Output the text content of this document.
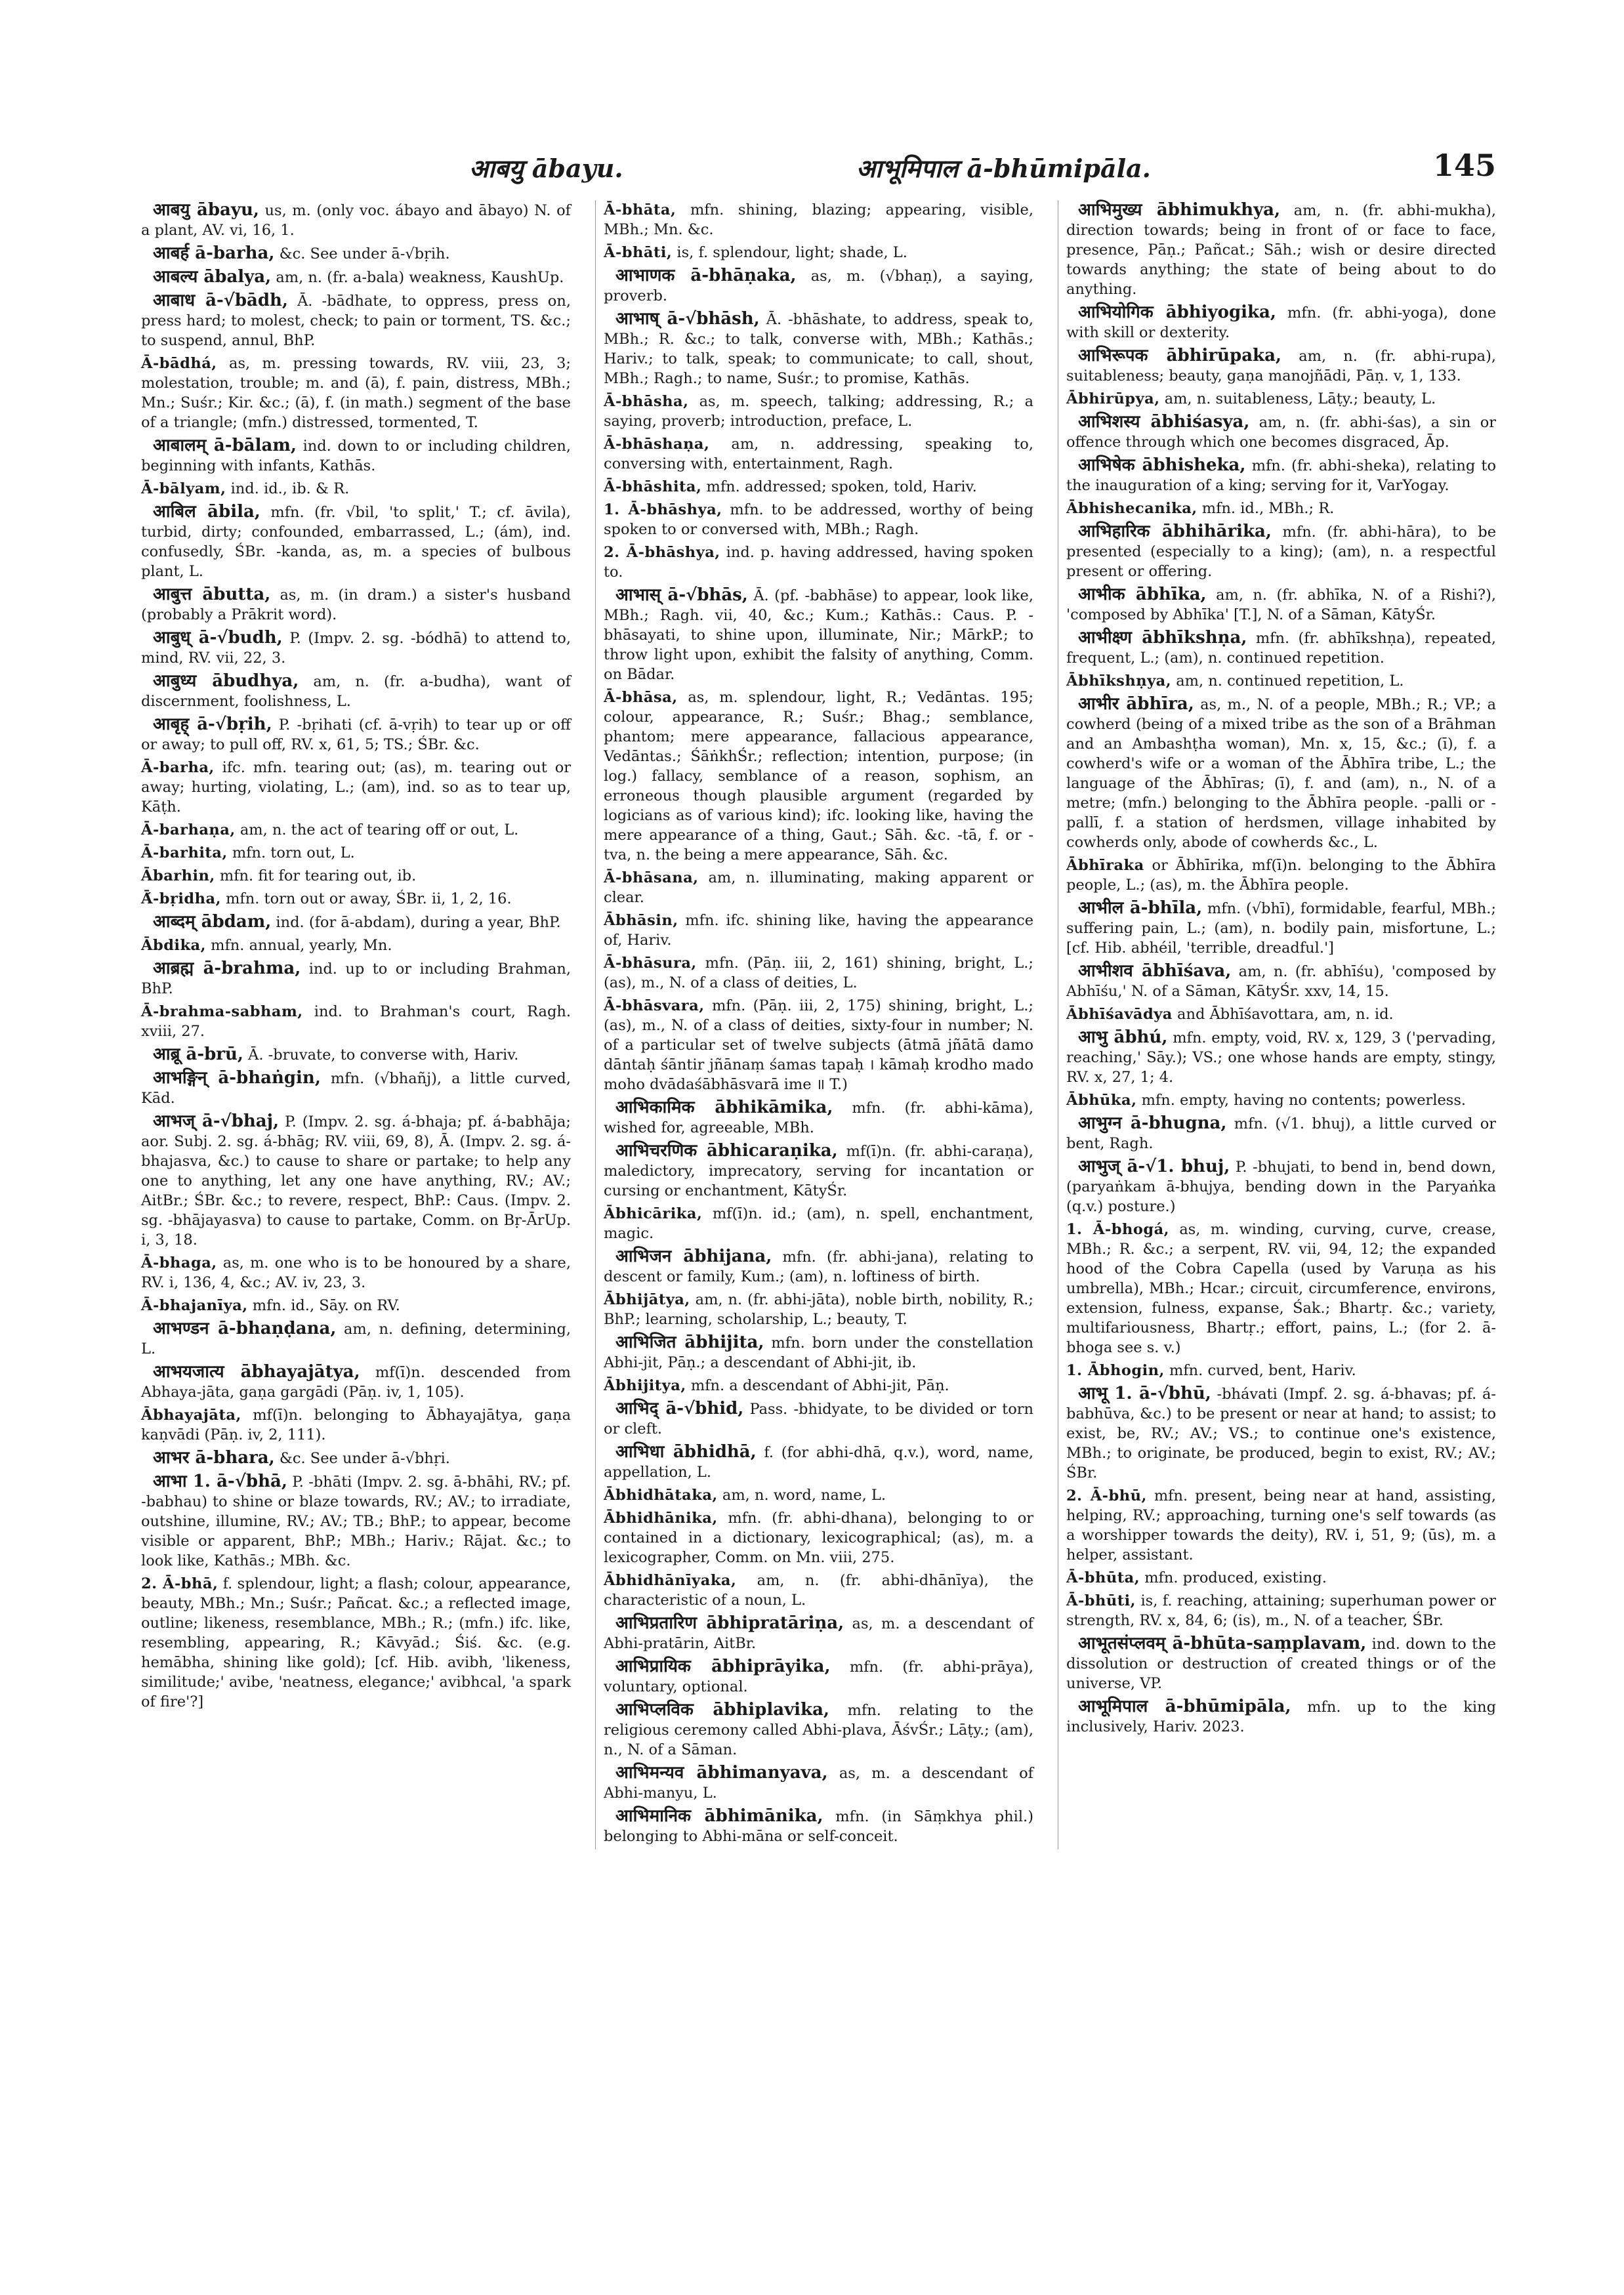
आबयु ābayu.	आभूमिपाल ā-bhūmipāla.	145

आबयु ābayu, us, m. (only voc. ábayo and ābayo) N. of a plant, AV. vi, 16, 1.

आबर्ह ā-barha, &c. See under ā-√bṛih.

आबल्य ābalya, am, n. (fr. a-bala) weakness, KaushUp.

आबाध ā-√bādh, Ā. -bādhate, to oppress, press on, press hard; to molest, check; to pain or torment, TS. &c.; to suspend, annul, BhP.

Ā-bādhá, as, m. pressing towards, RV. viii, 23, 3; molestation, trouble; m. and (ā), f. pain, distress, MBh.; Mn.; Suśr.; Kir. &c.; (ā), f. (in math.) segment of the base of a triangle; (mfn.) distressed, tormented, T.

आबालम् ā-bālam, ind. down to or including children, beginning with infants, Kathās.

Ā-bālyam, ind. id., ib. & R.

आबिल ābila, mfn. (fr. √bil, 'to split,' T.; cf. āvila), turbid, dirty; confounded, embarrassed, L.; (ám), ind. confusedly, ŚBr. -kanda, as, m. a species of bulbous plant, L.

आबुत्त ābutta, as, m. (in dram.) a sister's husband (probably a Prākrit word).

आबुध् ā-√budh, P. (Impv. 2. sg. -bódhā) to attend to, mind, RV. vii, 22, 3.

आबुध्य ābudhya, am, n. (fr. a-budha), want of discernment, foolishness, L.

आबृह् ā-√bṛih, P. -bṛihati (cf. ā-vṛih) to tear up or off or away; to pull off, RV. x, 61, 5; TS.; ŚBr. &c.

Ā-barha, ifc. mfn. tearing out; (as), m. tearing out or away; hurting, violating, L.; (am), ind. so as to tear up, Kāṭh.

Ā-barhaṇa, am, n. the act of tearing off or out, L.

Ā-barhita, mfn. torn out, L.

Ābarhin, mfn. fit for tearing out, ib.

Ā́-bṛidha, mfn. torn out or away, ŚBr. ii, 1, 2, 16.

आब्दम् ābdam, ind. (for ā-abdam), during a year, BhP.

Ābdika, mfn. annual, yearly, Mn.

आब्रह्म ā-brahma, ind. up to or including Brahman, BhP.

Ā-brahma-sabham, ind. to Brahman's court, Ragh. xviii, 27.

आब्रू ā-brū, Ā. -bruvate, to converse with, Hariv.

आभङ्गिन् ā-bhaṅgin, mfn. (√bhañj), a little curved, Kād.

आभज् ā-√bhaj, P. (Impv. 2. sg. á-bhaja; pf. á-babhāja; aor. Subj. 2. sg. á-bhāg; RV. viii, 69, 8), Ā. (Impv. 2. sg. á-bhajasva, &c.) to cause to share or partake; to help any one to anything, let any one have anything, RV.; AV.; AitBr.; ŚBr. &c.; to revere, respect, BhP.: Caus. (Impv. 2. sg. -bhājayasva) to cause to partake, Comm. on Bṛ-ĀrUp. i, 3, 18.

Ā-bhaga, as, m. one who is to be honoured by a share, RV. i, 136, 4, &c.; AV. iv, 23, 3.

Ā-bhajanīya, mfn. id., Sāy. on RV.

आभण्डन ā-bhaṇḍana, am, n. defining, determining, L.

आभयजात्य ābhayajātya, mf(ī)n. descended from Abhaya-jāta, gaṇa gargādi (Pāṇ. iv, 1, 105).

Ābhayajāta, mf(ī)n. belonging to Ābhayajātya, gaṇa kaṇvādi (Pāṇ. iv, 2, 111).

आभर ā-bhara, &c. See under ā-√bhṛi.

आभा 1. ā-√bhā, P. -bhāti (Impv. 2. sg. ā-bhāhi, RV.; pf. -babhau) to shine or blaze towards, RV.; AV.; to irradiate, outshine, illumine, RV.; AV.; TB.; BhP.; to appear, become visible or apparent, BhP.; MBh.; Hariv.; Rājat. &c.; to look like, Kathās.; MBh. &c.

2. Ā-bhā, f. splendour, light; a flash; colour, appearance, beauty, MBh.; Mn.; Suśr.; Pañcat. &c.; a reflected image, outline; likeness, resemblance, MBh.; R.; (mfn.) ifc. like, resembling, appearing, R.; Kāvyād.; Śiś. &c. (e.g. hemābha, shining like gold); [cf. Hib. avibh, 'likeness, similitude;' avibe, 'neatness, elegance;' avibhcal, 'a spark of fire'?]

Ā-bhāta, mfn. shining, blazing; appearing, visible, MBh.; Mn. &c.

Ā-bhāti, is, f. splendour, light; shade, L.

आभाणक ā-bhāṇaka, as, m. (√bhaṇ), a saying, proverb.

आभाष् ā-√bhāsh, Ā. -bhāshate, to address, speak to, MBh.; R. &c.; to talk, converse with, MBh.; Kathās.; Hariv.; to talk, speak; to communicate; to call, shout, MBh.; Ragh.; to name, Suśr.; to promise, Kathās.

Ā-bhāsha, as, m. speech, talking; addressing, R.; a saying, proverb; introduction, preface, L.

Ā-bhāshaṇa, am, n. addressing, speaking to, conversing with, entertainment, Ragh.

Ā-bhāshita, mfn. addressed; spoken, told, Hariv.

1. Ā-bhāshya, mfn. to be addressed, worthy of being spoken to or conversed with, MBh.; Ragh.

2. Ā-bhāshya, ind. p. having addressed, having spoken to.

आभास् ā-√bhās, Ā. (pf. -babhāse) to appear, look like, MBh.; Ragh. vii, 40, &c.; Kum.; Kathās.: Caus. P. -bhāsayati, to shine upon, illuminate, Nir.; MārkP.; to throw light upon, exhibit the falsity of anything, Comm. on Bādar.

Ā-bhāsa, as, m. splendour, light, R.; Vedāntas. 195; colour, appearance, R.; Suśr.; Bhag.; semblance, phantom; mere appearance, fallacious appearance, Vedāntas.; ŚāṅkhŚr.; reflection; intention, purpose; (in log.) fallacy, semblance of a reason, sophism, an erroneous though plausible argument (regarded by logicians as of various kind); ifc. looking like, having the mere appearance of a thing, Gaut.; Sāh. &c. -tā, f. or -tva, n. the being a mere appearance, Sāh. &c.

Ā-bhāsana, am, n. illuminating, making apparent or clear.

Ābhāsin, mfn. ifc. shining like, having the appearance of, Hariv.

Ā-bhāsura, mfn. (Pāṇ. iii, 2, 161) shining, bright, L.; (as), m., N. of a class of deities, L.

Ā-bhāsvara, mfn. (Pāṇ. iii, 2, 175) shining, bright, L.; (as), m., N. of a class of deities, sixty-four in number; N. of a particular set of twelve subjects (ātmā jñātā damo dāntaḥ śāntir jñānaṃ śamas tapaḥ । kāmaḥ krodho mado moho dvādaśābhāsvarā ime ॥ T.)

आभिकामिक ābhikāmika, mfn. (fr. abhi-kāma), wished for, agreeable, MBh.

आभिचरणिक ābhicaraṇika, mf(ī)n. (fr. abhi-caraṇa), maledictory, imprecatory, serving for incantation or cursing or enchantment, KātyŚr.

Ābhicārika, mf(ī)n. id.; (am), n. spell, enchantment, magic.

आभिजन ābhijana, mfn. (fr. abhi-jana), relating to descent or family, Kum.; (am), n. loftiness of birth.

Ābhijātya, am, n. (fr. abhi-jāta), noble birth, nobility, R.; BhP.; learning, scholarship, L.; beauty, T.

आभिजित ābhijita, mfn. born under the constellation Abhi-jit, Pāṇ.; a descendant of Abhi-jit, ib.

Ābhijitya, mfn. a descendant of Abhi-jit, Pāṇ.

आभिद् ā-√bhid, Pass. -bhidyate, to be divided or torn or cleft.

आभिधा ābhidhā, f. (for abhi-dhā, q.v.), word, name, appellation, L.

Ābhidhātaka, am, n. word, name, L.

Ābhidhānika, mfn. (fr. abhi-dhana), belonging to or contained in a dictionary, lexicographical; (as), m. a lexicographer, Comm. on Mn. viii, 275.

Ābhidhānīyaka, am, n. (fr. abhi-dhānīya), the characteristic of a noun, L.

आभिप्रतारिण ābhipratāriṇa, as, m. a descendant of Abhi-pratārin, AitBr.

आभिप्रायिक ābhiprāyika, mfn. (fr. abhi-prāya), voluntary, optional.

आभिप्लविक ābhiplavika, mfn. relating to the religious ceremony called Abhi-plava, ĀśvŚr.; Lāṭy.; (am), n., N. of a Sāman.

आभिमन्यव ābhimanyava, as, m. a descendant of Abhi-manyu, L.

आभिमानिक ābhimānika, mfn. (in Sāṃkhya phil.) belonging to Abhi-māna or self-conceit.

आभिमुख्य ābhimukhya, am, n. (fr. abhi-mukha), direction towards; being in front of or face to face, presence, Pāṇ.; Pañcat.; Sāh.; wish or desire directed towards anything; the state of being about to do anything.

आभियोगिक ābhiyogika, mfn. (fr. abhi-yoga), done with skill or dexterity.

आभिरूपक ābhirūpaka, am, n. (fr. abhi-rupa), suitableness; beauty, gaṇa manojñādi, Pāṇ. v, 1, 133.

Ābhirūpya, am, n. suitableness, Lāṭy.; beauty, L.

आभिशस्य ābhiśasya, am, n. (fr. abhi-śas), a sin or offence through which one becomes disgraced, Āp.

आभिषेक ābhisheka, mfn. (fr. abhi-sheka), relating to the inauguration of a king; serving for it, VarYogay.

Ābhishecanika, mfn. id., MBh.; R.

आभिहारिक ābhihārika, mfn. (fr. abhi-hāra), to be presented (especially to a king); (am), n. a respectful present or offering.

आभीक ābhīka, am, n. (fr. abhīka, N. of a Rishi?), 'composed by Abhīka' [T.], N. of a Sāman, KātyŚr.

आभीक्ष्ण ābhīkshṇa, mfn. (fr. abhīkshṇa), repeated, frequent, L.; (am), n. continued repetition.

Ābhīkshṇya, am, n. continued repetition, L.

आभीर ābhīra, as, m., N. of a people, MBh.; R.; VP.; a cowherd (being of a mixed tribe as the son of a Brāhman and an Ambashṭha woman), Mn. x, 15, &c.; (ī), f. a cowherd's wife or a woman of the Ābhīra tribe, L.; the language of the Ābhīras; (ī), f. and (am), n., N. of a metre; (mfn.) belonging to the Ābhīra people. -palli or -pallī, f. a station of herdsmen, village inhabited by cowherds only, abode of cowherds &c., L.

Ābhīraka or Ābhīrika, mf(ī)n. belonging to the Ābhīra people, L.; (as), m. the Ābhīra people.

आभील ā-bhīla, mfn. (√bhī), formidable, fearful, MBh.; suffering pain, L.; (am), n. bodily pain, misfortune, L.; [cf. Hib. abhéil, 'terrible, dreadful.']

आभीशव ābhīśava, am, n. (fr. abhīśu), 'composed by Abhīśu,' N. of a Sāman, KātyŚr. xxv, 14, 15.

Ābhīśavādya and Ābhīśavottara, am, n. id.

आभु ābhú, mfn. empty, void, RV. x, 129, 3 ('pervading, reaching,' Sāy.); VS.; one whose hands are empty, stingy, RV. x, 27, 1; 4.

Ābhūka, mfn. empty, having no contents; powerless.

आभुग्न ā-bhugna, mfn. (√1. bhuj), a little curved or bent, Ragh.

आभुज् ā-√1. bhuj, P. -bhujati, to bend in, bend down, (paryaṅkam ā-bhujya, bending down in the Paryaṅka (q.v.) posture.)

1. Ā-bhogá, as, m. winding, curving, curve, crease, MBh.; R. &c.; a serpent, RV. vii, 94, 12; the expanded hood of the Cobra Capella (used by Varuṇa as his umbrella), MBh.; Hcar.; circuit, circumference, environs, extension, fulness, expanse, Śak.; Bhartṛ. &c.; variety, multifariousness, Bhartṛ.; effort, pains, L.; (for 2. ā-bhoga see s. v.)

1. Ābhogin, mfn. curved, bent, Hariv.

आभू 1. ā-√bhū, -bhávati (Impf. 2. sg. á-bhavas; pf. á-babhūva, &c.) to be present or near at hand; to assist; to exist, be, RV.; AV.; VS.; to continue one's existence, MBh.; to originate, be produced, begin to exist, RV.; AV.; ŚBr.

2. Ā-bhū, mfn. present, being near at hand, assisting, helping, RV.; approaching, turning one's self towards (as a worshipper towards the deity), RV. i, 51, 9; (ūs), m. a helper, assistant.

Ā-bhūta, mfn. produced, existing.

Ā-bhūti, is, f. reaching, attaining; superhuman power or strength, RV. x, 84, 6; (is), m., N. of a teacher, ŚBr.

आभूतसंप्लवम् ā-bhūta-saṃplavam, ind. down to the dissolution or destruction of created things or of the universe, VP.

आभूमिपाल ā-bhūmipāla, mfn. up to the king inclusively, Hariv. 2023.
